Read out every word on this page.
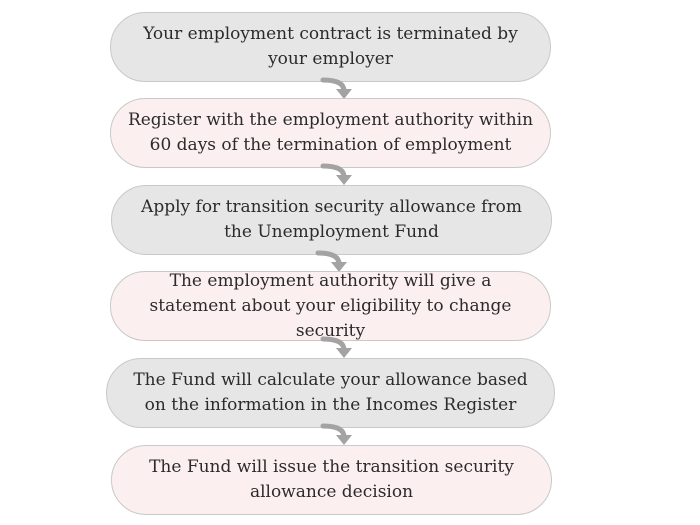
Your employment contract is terminated by your employer
Register with the employment authority within 60 days of the termination of employment
Apply for transition security allowance from the Unemployment Fund
The employment authority will give a statement about your eligibility to change security
The Fund will calculate your allowance based on the information in the Incomes Register
The Fund will issue the transition security allowance decision
